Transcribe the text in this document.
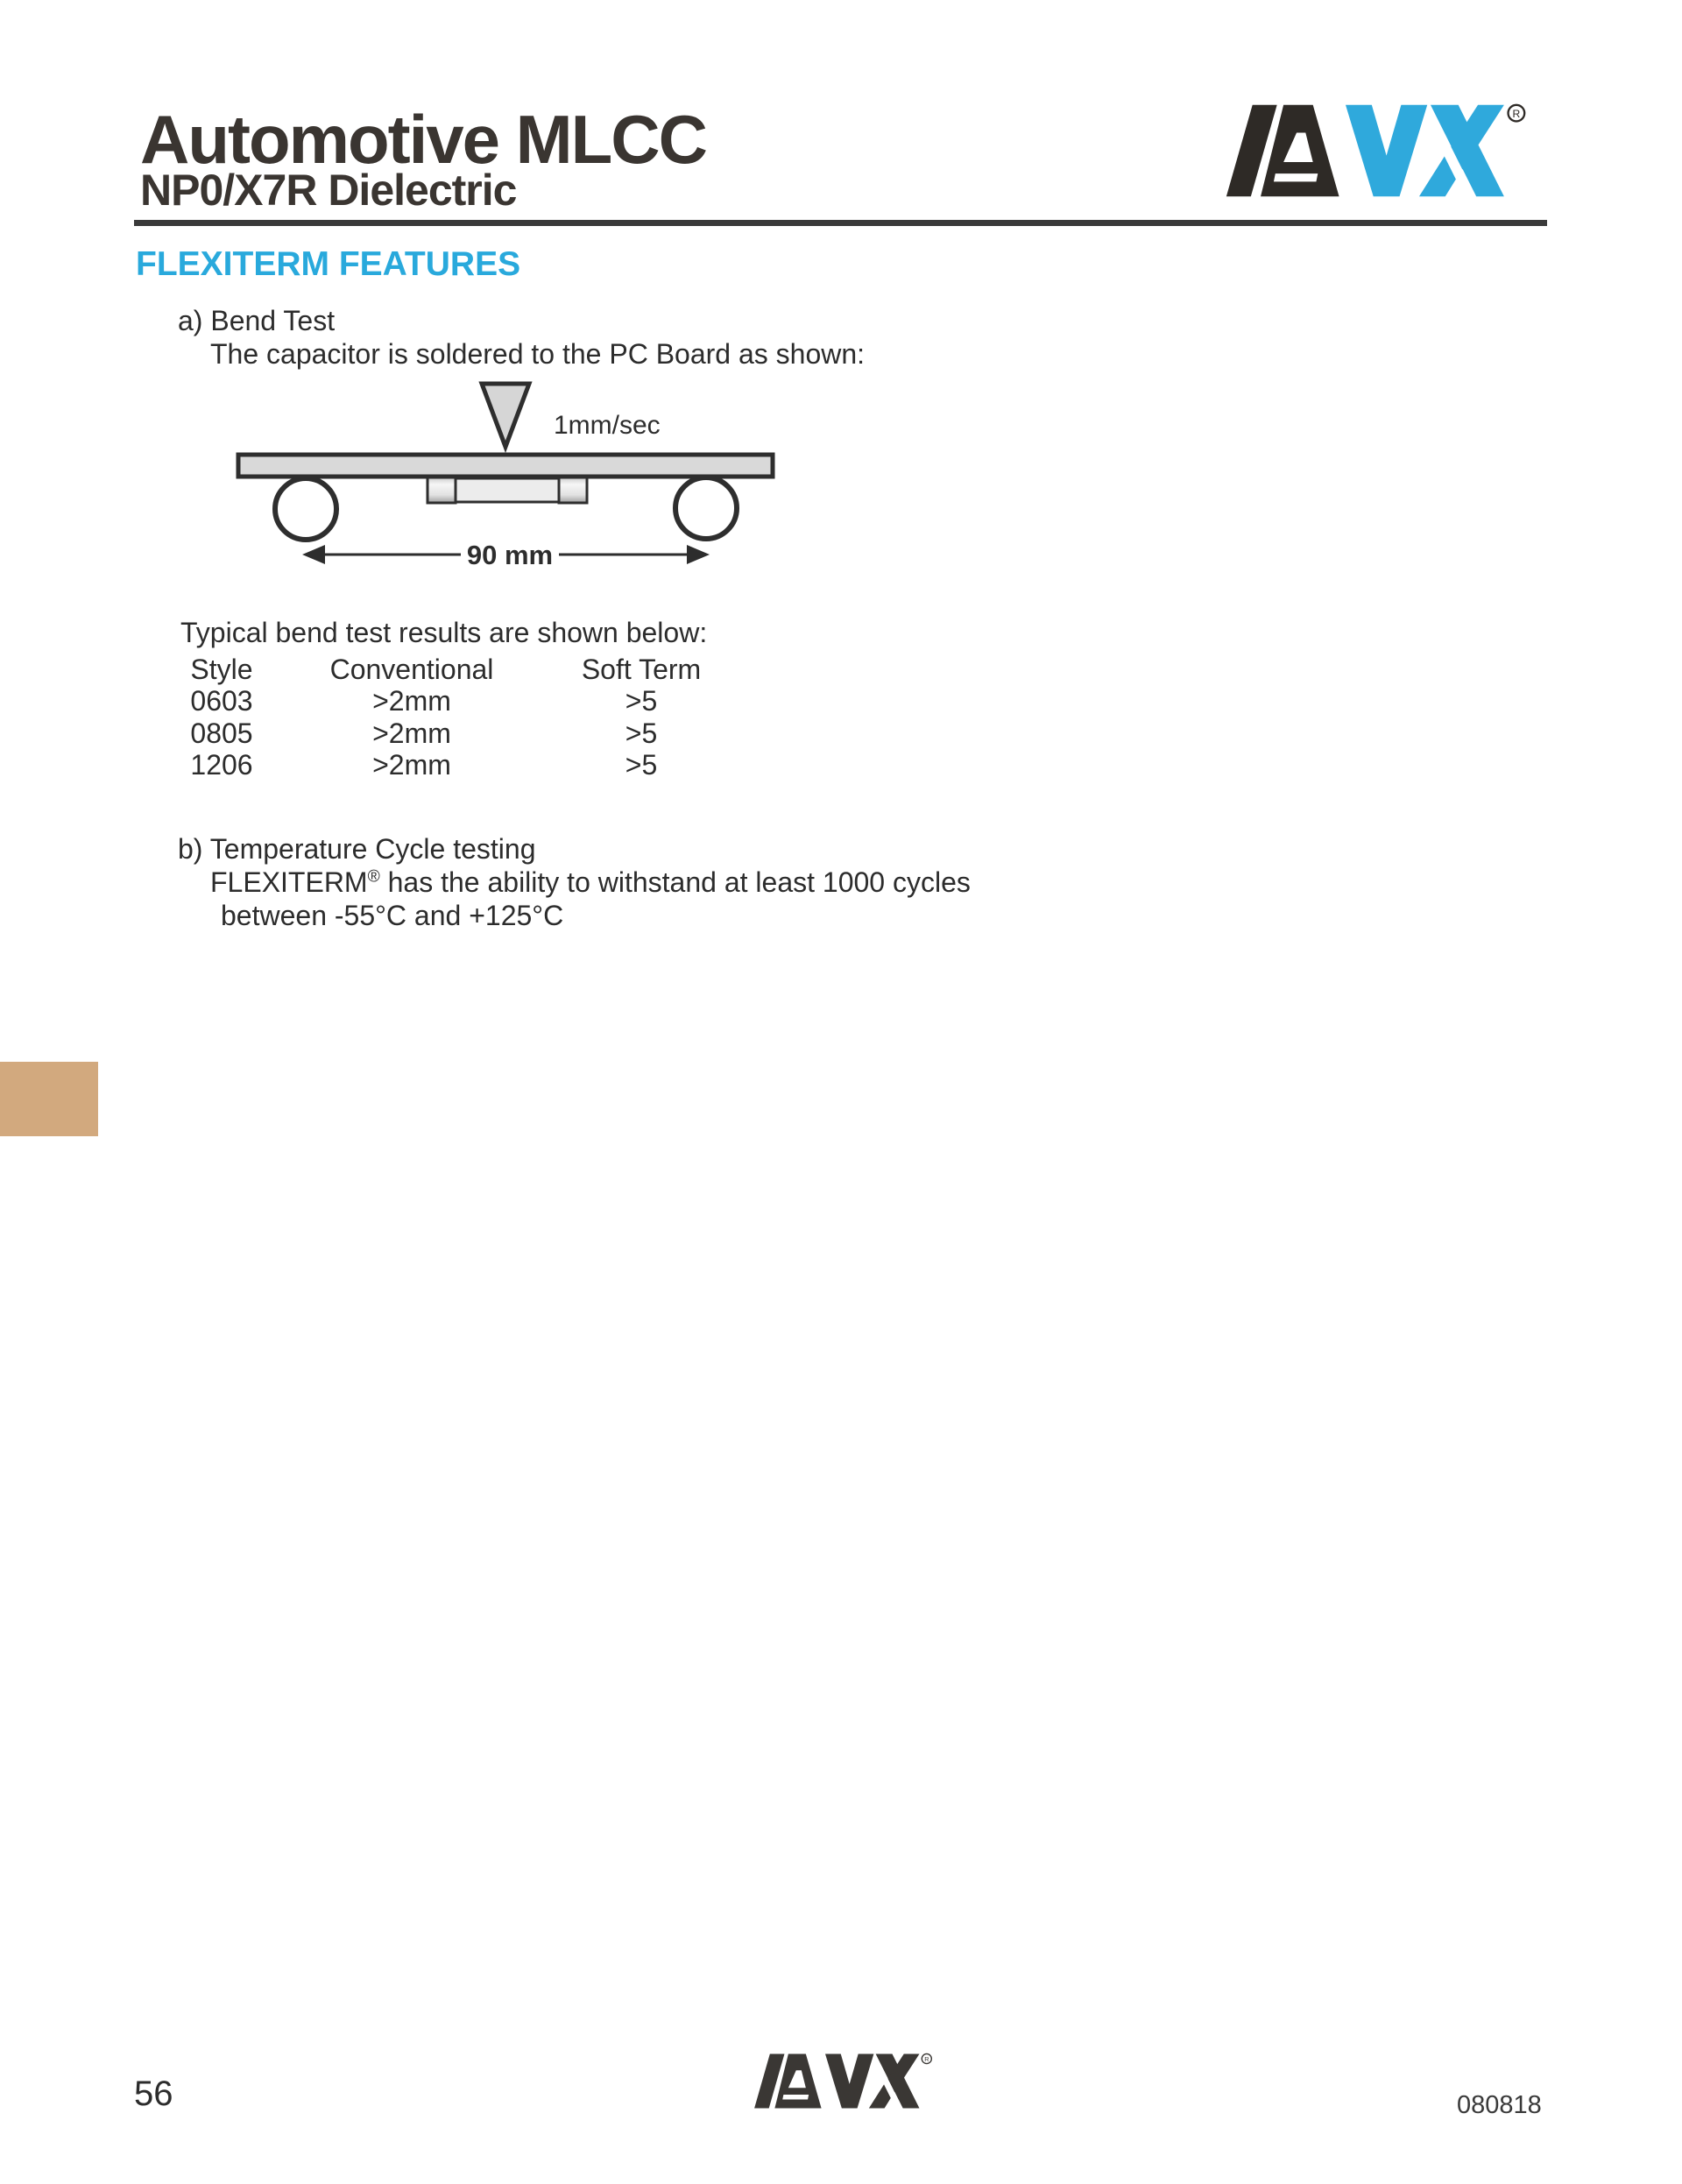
Automotive MLCC
NP0/X7R Dielectric
R
FLEXITERM FEATURES
a) Bend Test
The capacitor is soldered to the PC Board as shown:
1mm/sec
90 mm
Typical bend test results are shown below:
Style	Conventional	Soft Term
0603	>2mm	>5
0805	>2mm	>5
1206	>2mm	>5
b) Temperature Cycle testing
FLEXITERM® has the ability to withstand at least 1000 cycles
between -55°C and +125°C
56
R
080818
